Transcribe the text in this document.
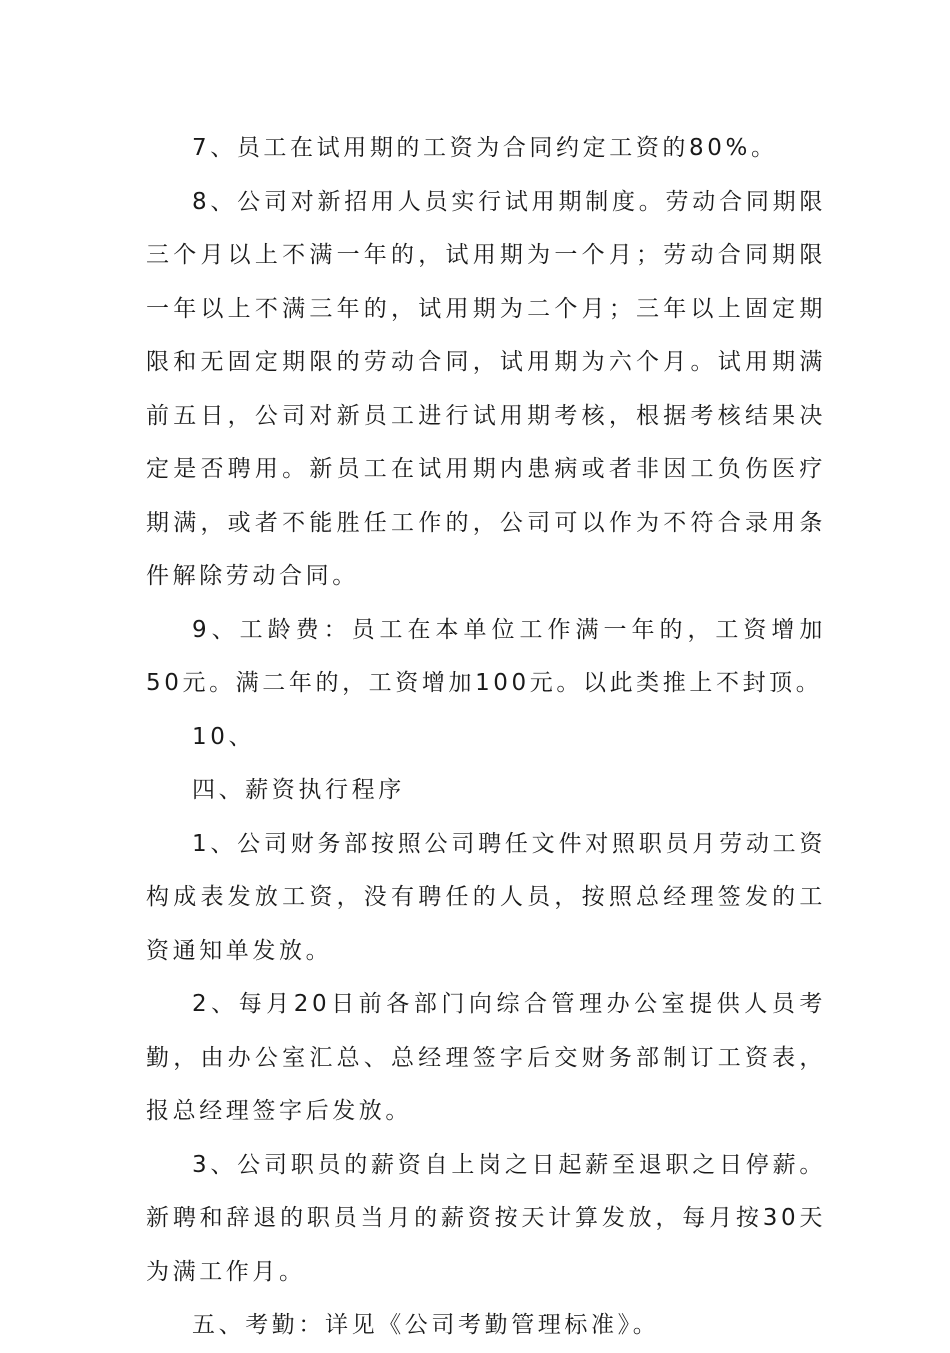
7、员工在试用期的工资为合同约定工资的80%。

8、公司对新招用人员实行试用期制度。劳动合同期限三个月以上不满一年的，试用期为一个月；劳动合同期限一年以上不满三年的，试用期为二个月；三年以上固定期限和无固定期限的劳动合同，试用期为六个月。试用期满前五日，公司对新员工进行试用期考核，根据考核结果决定是否聘用。新员工在试用期内患病或者非因工负伤医疗期满，或者不能胜任工作的，公司可以作为不符合录用条件解除劳动合同。

9、工龄费：员工在本单位工作满一年的，工资增加50元。满二年的，工资增加100元。以此类推上不封顶。

10、

四、薪资执行程序

1、公司财务部按照公司聘任文件对照职员月劳动工资构成表发放工资，没有聘任的人员，按照总经理签发的工资通知单发放。

2、每月20日前各部门向综合管理办公室提供人员考勤，由办公室汇总、总经理签字后交财务部制订工资表，报总经理签字后发放。

3、公司职员的薪资自上岗之日起薪至退职之日停薪。新聘和辞退的职员当月的薪资按天计算发放，每月按30天为满工作月。

五、考勤：详见《公司考勤管理标准》。
